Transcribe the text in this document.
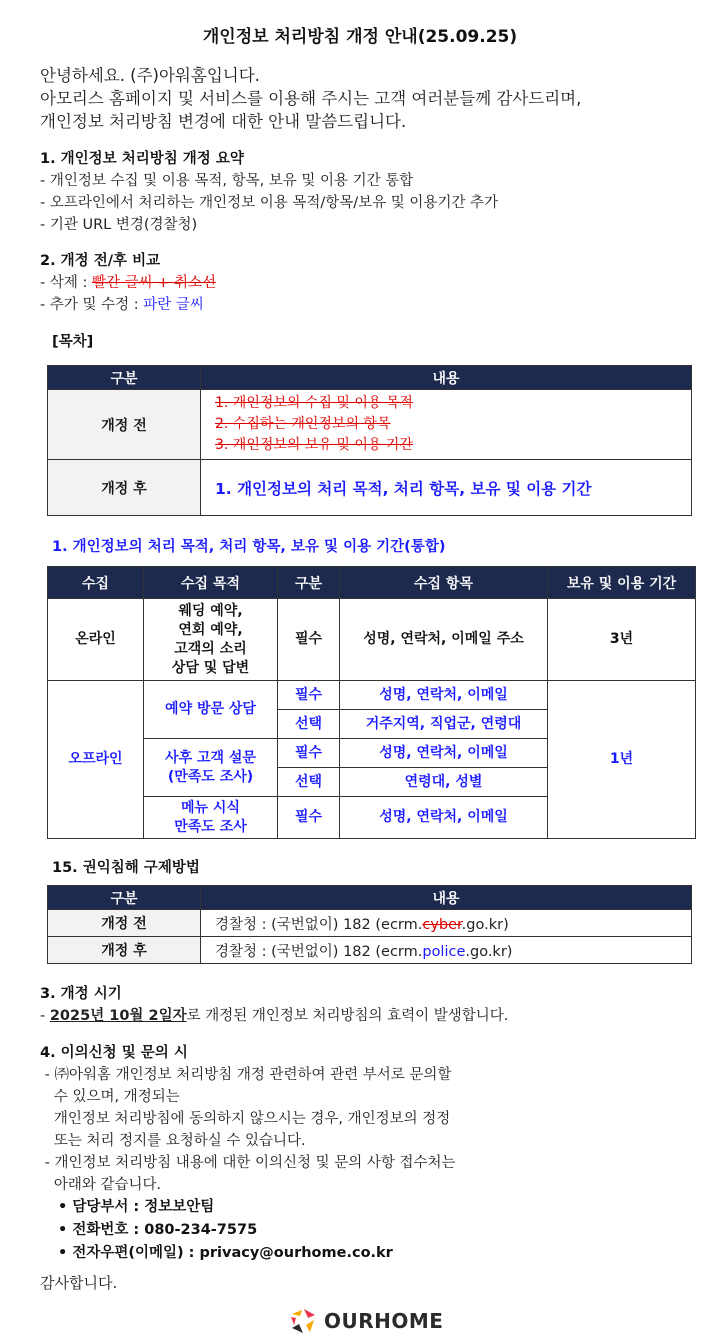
개인정보 처리방침 개정 안내(25.09.25)
안녕하세요. (주)아워홈입니다.
아모리스 홈페이지 및 서비스를 이용해 주시는 고객 여러분들께 감사드리며,
개인정보 처리방침 변경에 대한 안내 말씀드립니다.
1. 개인정보 처리방침 개정 요약
- 개인정보 수집 및 이용 목적, 항목, 보유 및 이용 기간 통합
- 오프라인에서 처리하는 개인정보 이용 목적/항목/보유 및 이용기간 추가
- 기관 URL 변경(경찰청)
2. 개정 전/후 비교
- 삭제 : 빨간 글씨 + 취소선
- 추가 및 수정 : 파란 글씨
[목차]
구분	내용
개정 전	1. 개인정보의 수집 및 이용 목적
2. 수집하는 개인정보의 항목
3. 개인정보의 보유 및 이용 기간

개정 후	1. 개인정보의 처리 목적, 처리 항목, 보유 및 이용 기간
1. 개인정보의 처리 목적, 처리 항목, 보유 및 이용 기간(통합)
수집	수집 목적	구분	수집 항목	보유 및 이용 기간
온라인	웨딩 예약,
연회 예약,
고객의 소리
상담 및 답변	필수	성명, 연락처, 이메일 주소	3년
오프라인	예약 방문 상담	필수	성명, 연락처, 이메일	1년
		선택	거주지역, 직업군, 연령대	
	사후 고객 설문
(만족도 조사)	필수	성명, 연락처, 이메일	
		선택	연령대, 성별	
	메뉴 시식
만족도 조사	필수	성명, 연락처, 이메일	
15. 권익침해 구제방법
구분	내용
개정 전	경찰청 : (국번없이) 182 (ecrm.cyber.go.kr)
개정 후	경찰청 : (국번없이) 182 (ecrm.police.go.kr)
3. 개정 시기
- 2025년 10월 2일자로 개정된 개인정보 처리방침의 효력이 발생합니다.
4. 이의신청 및 문의 시
- ㈜아워홈 개인정보 처리방침 개정 관련하여 관련 부서로 문의할
수 있으며, 개정되는
개인정보 처리방침에 동의하지 않으시는 경우, 개인정보의 정정
또는 처리 정지를 요청하실 수 있습니다.
- 개인정보 처리방침 내용에 대한 이의신청 및 문의 사항 접수처는
아래와 같습니다.
• 담당부서 : 정보보안팀
• 전화번호 : 080-234-7575
• 전자우편(이메일) : privacy@ourhome.co.kr
감사합니다.
OURHOME
